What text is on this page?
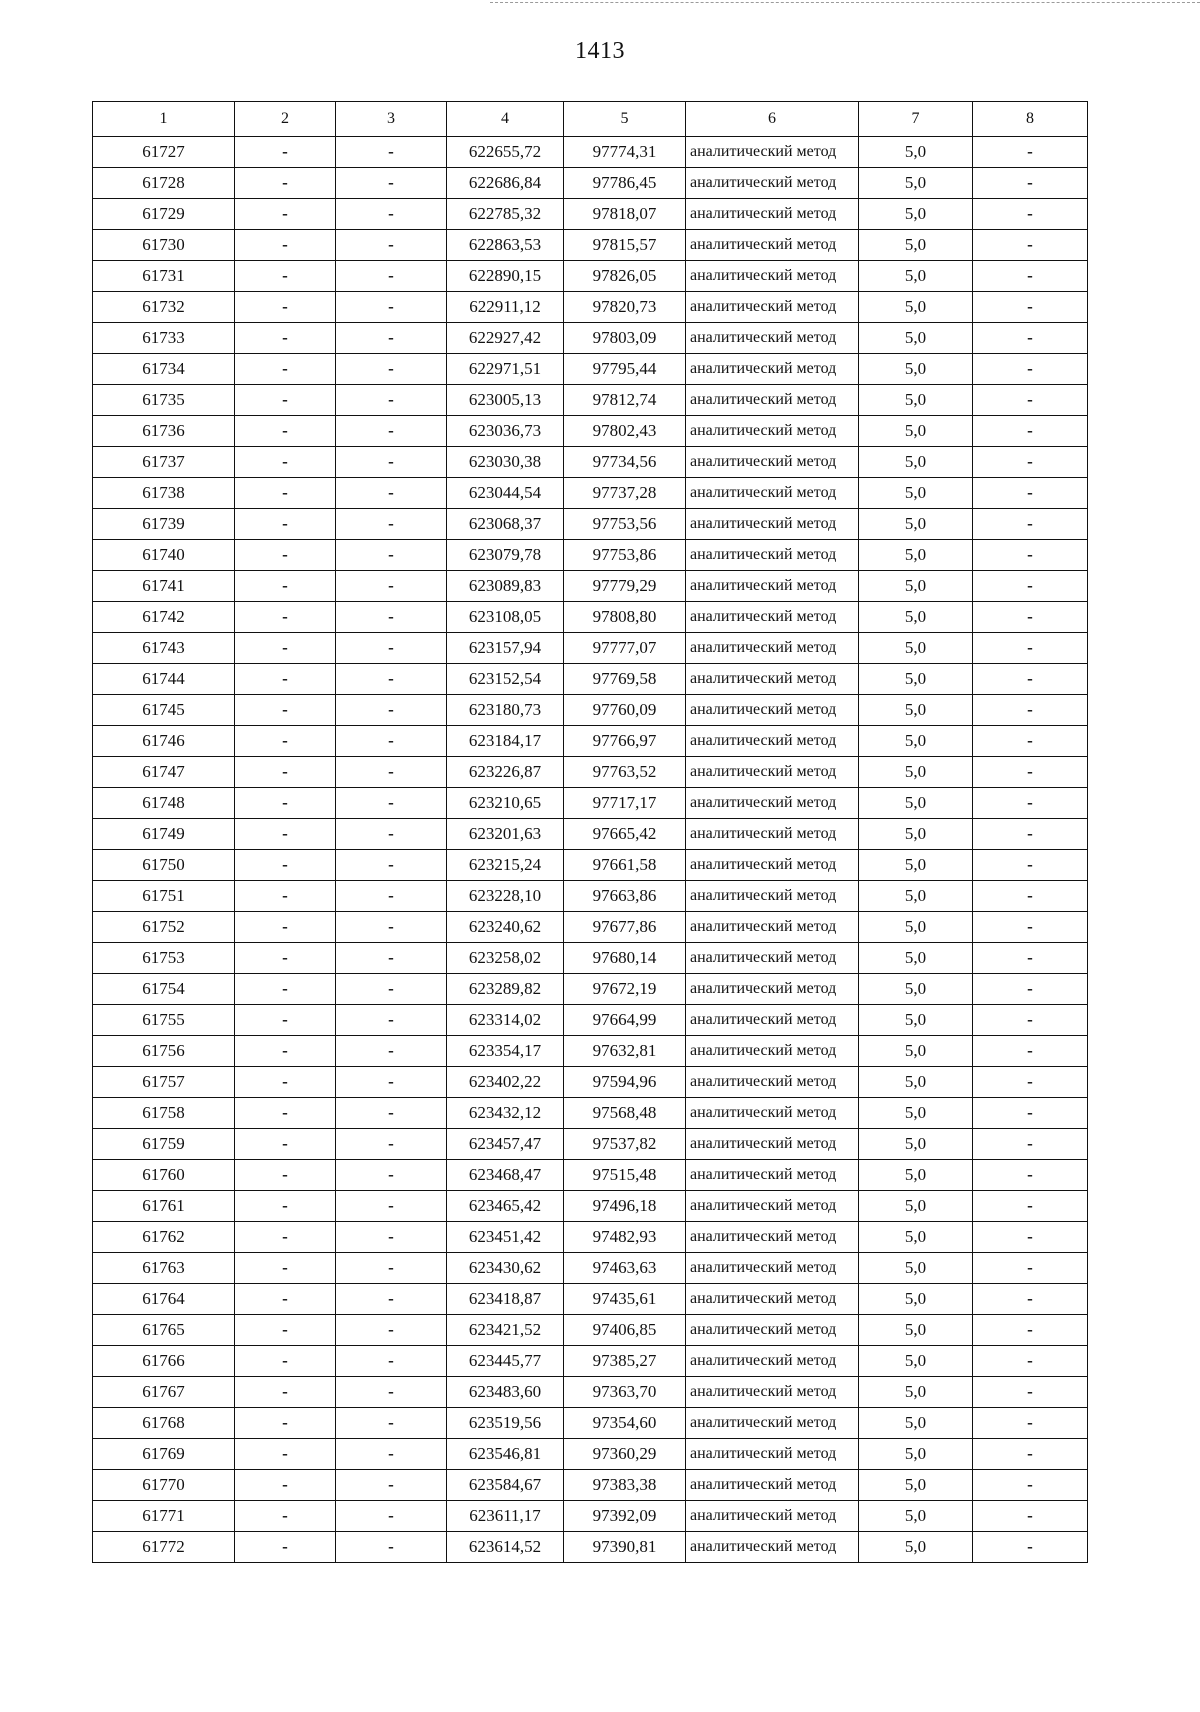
1413
1	2	3	4	5	6	7	8
61727	-	-	622655,72	97774,31	аналитический метод	5,0	-
61728	-	-	622686,84	97786,45	аналитический метод	5,0	-
61729	-	-	622785,32	97818,07	аналитический метод	5,0	-
61730	-	-	622863,53	97815,57	аналитический метод	5,0	-
61731	-	-	622890,15	97826,05	аналитический метод	5,0	-
61732	-	-	622911,12	97820,73	аналитический метод	5,0	-
61733	-	-	622927,42	97803,09	аналитический метод	5,0	-
61734	-	-	622971,51	97795,44	аналитический метод	5,0	-
61735	-	-	623005,13	97812,74	аналитический метод	5,0	-
61736	-	-	623036,73	97802,43	аналитический метод	5,0	-
61737	-	-	623030,38	97734,56	аналитический метод	5,0	-
61738	-	-	623044,54	97737,28	аналитический метод	5,0	-
61739	-	-	623068,37	97753,56	аналитический метод	5,0	-
61740	-	-	623079,78	97753,86	аналитический метод	5,0	-
61741	-	-	623089,83	97779,29	аналитический метод	5,0	-
61742	-	-	623108,05	97808,80	аналитический метод	5,0	-
61743	-	-	623157,94	97777,07	аналитический метод	5,0	-
61744	-	-	623152,54	97769,58	аналитический метод	5,0	-
61745	-	-	623180,73	97760,09	аналитический метод	5,0	-
61746	-	-	623184,17	97766,97	аналитический метод	5,0	-
61747	-	-	623226,87	97763,52	аналитический метод	5,0	-
61748	-	-	623210,65	97717,17	аналитический метод	5,0	-
61749	-	-	623201,63	97665,42	аналитический метод	5,0	-
61750	-	-	623215,24	97661,58	аналитический метод	5,0	-
61751	-	-	623228,10	97663,86	аналитический метод	5,0	-
61752	-	-	623240,62	97677,86	аналитический метод	5,0	-
61753	-	-	623258,02	97680,14	аналитический метод	5,0	-
61754	-	-	623289,82	97672,19	аналитический метод	5,0	-
61755	-	-	623314,02	97664,99	аналитический метод	5,0	-
61756	-	-	623354,17	97632,81	аналитический метод	5,0	-
61757	-	-	623402,22	97594,96	аналитический метод	5,0	-
61758	-	-	623432,12	97568,48	аналитический метод	5,0	-
61759	-	-	623457,47	97537,82	аналитический метод	5,0	-
61760	-	-	623468,47	97515,48	аналитический метод	5,0	-
61761	-	-	623465,42	97496,18	аналитический метод	5,0	-
61762	-	-	623451,42	97482,93	аналитический метод	5,0	-
61763	-	-	623430,62	97463,63	аналитический метод	5,0	-
61764	-	-	623418,87	97435,61	аналитический метод	5,0	-
61765	-	-	623421,52	97406,85	аналитический метод	5,0	-
61766	-	-	623445,77	97385,27	аналитический метод	5,0	-
61767	-	-	623483,60	97363,70	аналитический метод	5,0	-
61768	-	-	623519,56	97354,60	аналитический метод	5,0	-
61769	-	-	623546,81	97360,29	аналитический метод	5,0	-
61770	-	-	623584,67	97383,38	аналитический метод	5,0	-
61771	-	-	623611,17	97392,09	аналитический метод	5,0	-
61772	-	-	623614,52	97390,81	аналитический метод	5,0	-
